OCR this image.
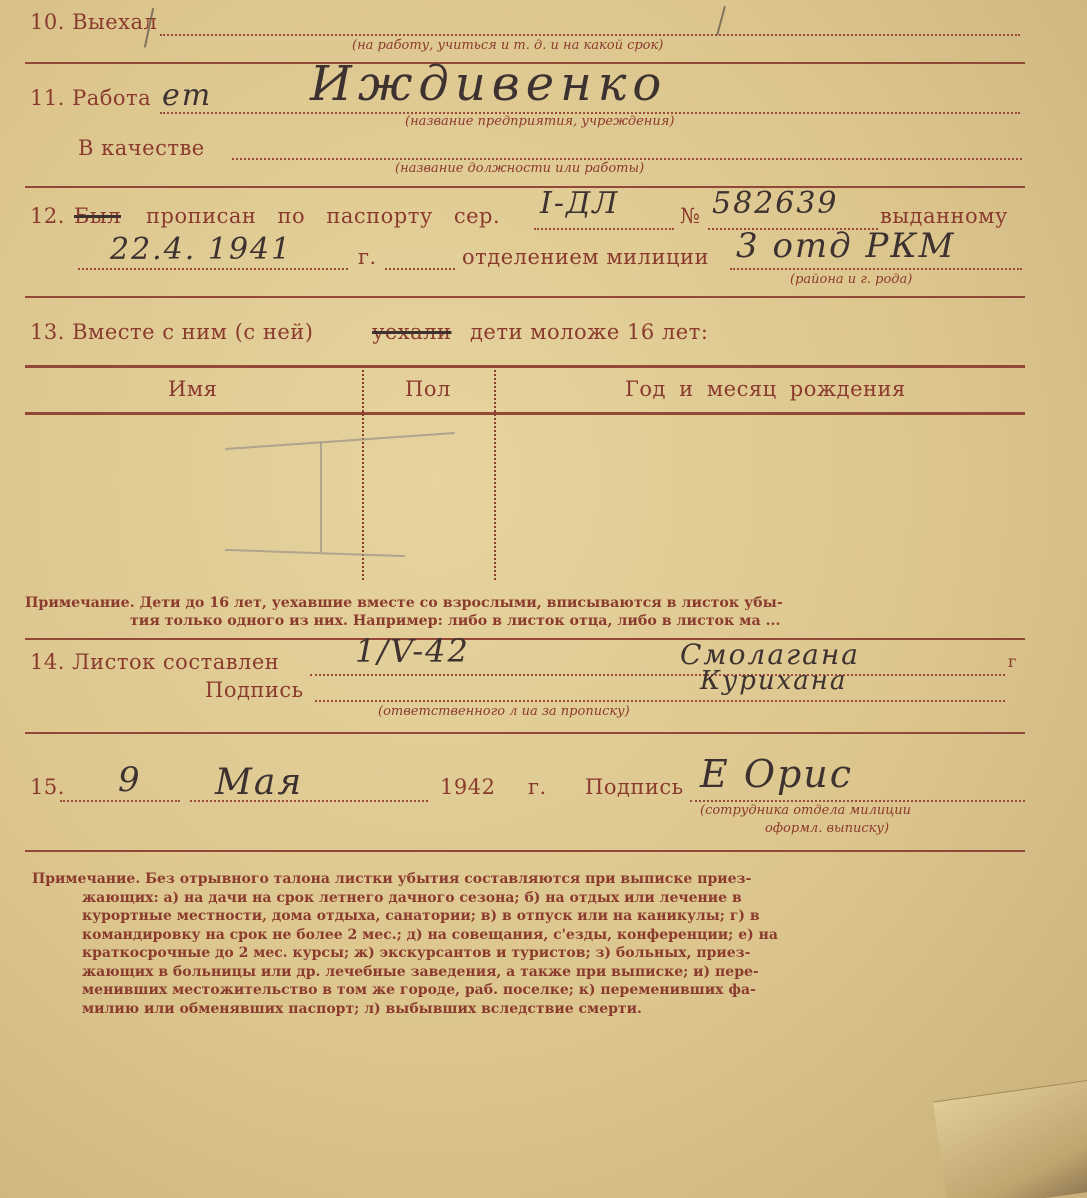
10. Выехал
(на работу, учиться и т. д. и на какой срок)
11. Работа ет Иждивенко
(название предприятия, учреждения)
В качестве
(название должности или работы)
12. Был прописан по паспорту сер. I-ДЛ	№ 582639 выданному
22.4. 1941	г.	отделением милиции 3 отд РКМ
(района и г. рода)
13. Вместе с ним (с ней)	уехали дети моложе 16 лет:
Имя	Пол	Год и месяц рождения
Примечание. Дети до 16 лет, уехавшие вместе со взрослыми, вписываются в листок убы-
тия только одного из них. Например: либо в листок отца, либо в листок ма ...
14. Листок составлен 1/V-42	Смолагана	г
Подпись	Курихана
(ответственного л иа за прописку)
15. 9 Мая	1942 г. Подпись Е Орис
(сотрудника отдела милиции
оформл. выписку)
Примечание. Без отрывного талона листки убытия составляются при выписке приез-
жающих: а) на дачи на срок летнего дачного сезона; б) на отдых или лечение в
курортные местности, дома отдыха, санатории; в) в отпуск или на каникулы; г) в
командировку на срок не более 2 мес.; д) на совещания, с'езды, конференции; е) на
краткосрочные до 2 мес. курсы; ж) экскурсантов и туристов; з) больных, приез-
жающих в больницы или др. лечебные заведения, а также при выписке; и) пере-
менивших местожительство в том же городе, раб. поселке; к) переменивших фа-
милию или обменявших паспорт; л) выбывших вследствие смерти.
